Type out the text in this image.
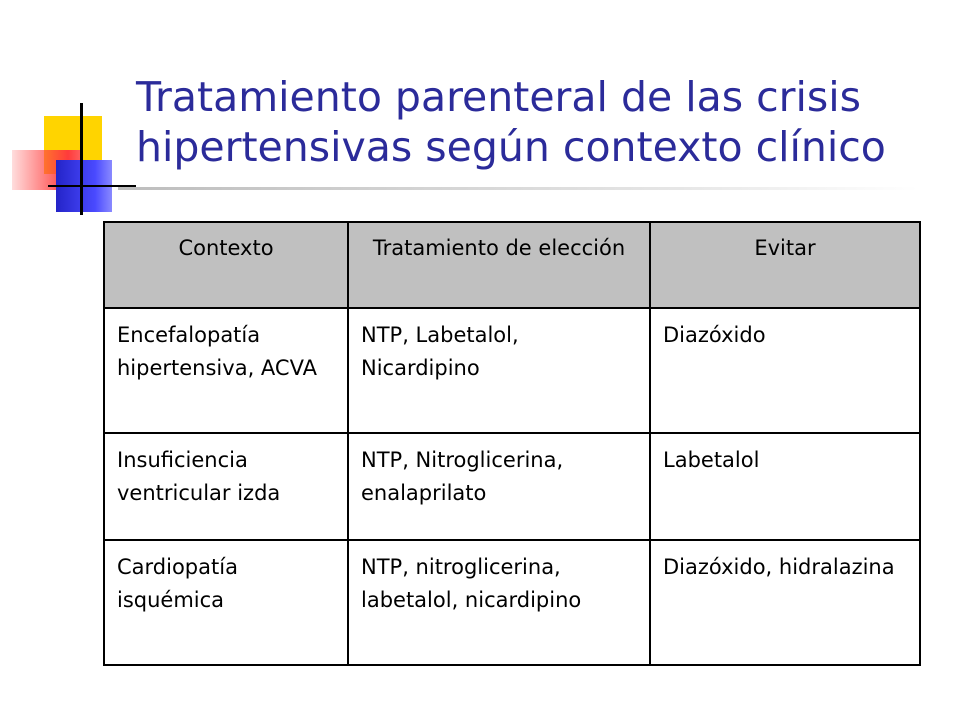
Tratamiento parenteral de las crisis
hipertensivas según contexto clínico
Contexto	Tratamiento de elección	Evitar
Encefalopatía hipertensiva, ACVA	NTP, Labetalol, Nicardipino	Diazóxido
Insuficiencia ventricular izda	NTP, Nitroglicerina, enalaprilato	Labetalol
Cardiopatía isquémica	NTP, nitroglicerina, labetalol, nicardipino	Diazóxido, hidralazina
